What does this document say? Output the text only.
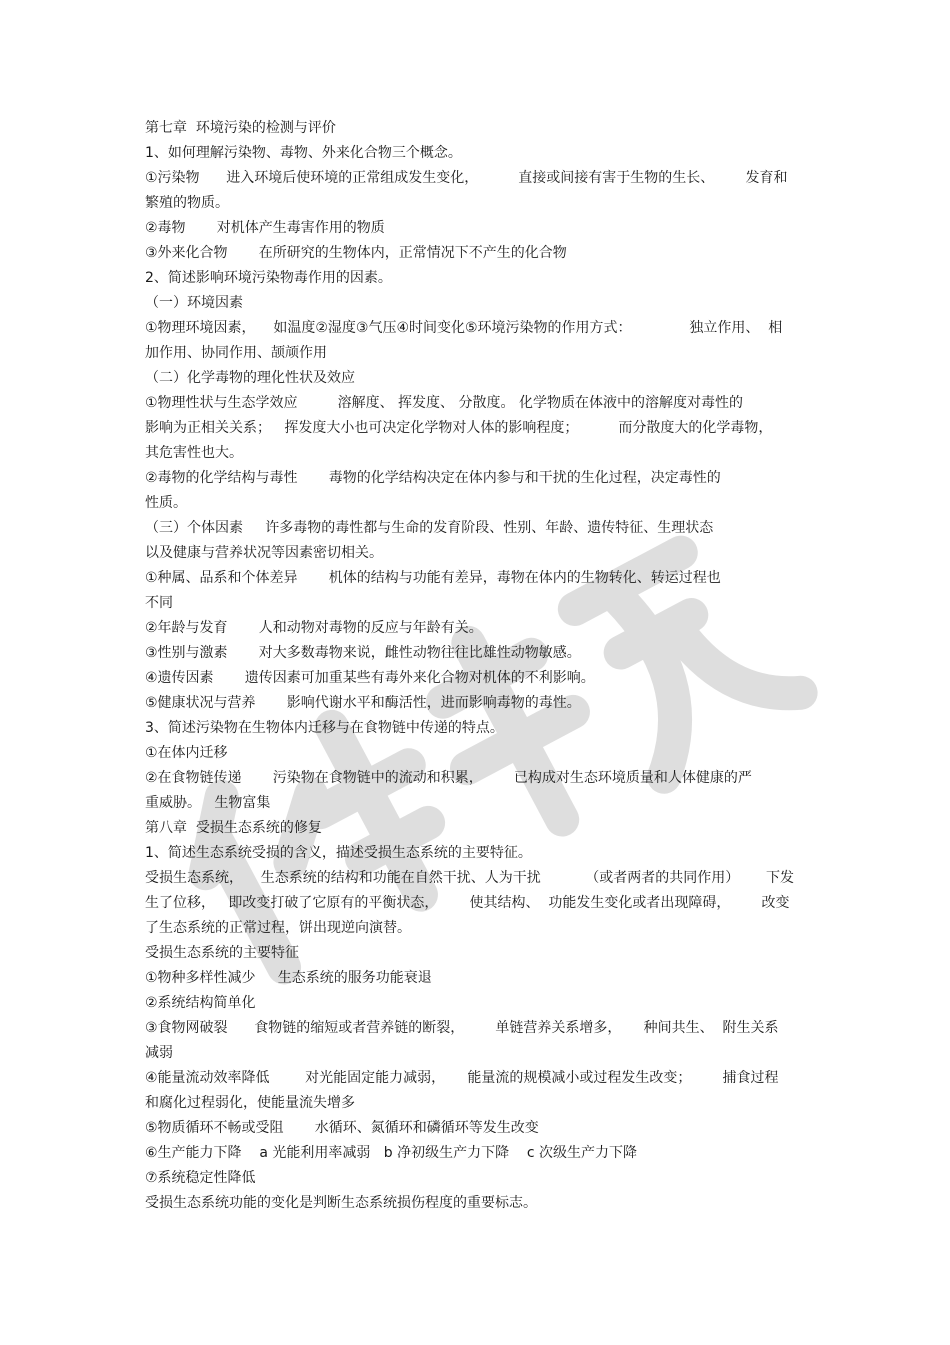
第七章  环境污染的检测与评价
1、如何理解污染物、毒物、外来化合物三个概念。
①污染物      进入环境后使环境的正常组成发生变化，         直接或间接有害于生物的生长、       发育和
繁殖的物质。
②毒物       对机体产生毒害作用的物质
③外来化合物       在所研究的生物体内，正常情况下不产生的化合物
2、简述影响环境污染物毒作用的因素。
（一）环境因素
①物理环境因素，    如温度②湿度③气压④时间变化⑤环境污染物的作用方式：             独立作用、  相
加作用、协同作用、颉颃作用
（二）化学毒物的理化性状及效应
①物理性状与生态学效应         溶解度、 挥发度、 分散度。 化学物质在体液中的溶解度对毒性的
影响为正相关关系；   挥发度大小也可决定化学物对人体的影响程度；         而分散度大的化学毒物，
其危害性也大。
②毒物的化学结构与毒性       毒物的化学结构决定在体内参与和干扰的生化过程，决定毒性的
性质。
（三）个体因素     许多毒物的毒性都与生命的发育阶段、性别、年龄、遗传特征、生理状态
以及健康与营养状况等因素密切相关。
①种属、品系和个体差异       机体的结构与功能有差异，毒物在体内的生物转化、转运过程也
不同
②年龄与发育       人和动物对毒物的反应与年龄有关。
③性别与激素       对大多数毒物来说，雌性动物往往比雄性动物敏感。
④遗传因素       遗传因素可加重某些有毒外来化合物对机体的不利影响。
⑤健康状况与营养       影响代谢水平和酶活性，进而影响毒物的毒性。
3、简述污染物在生物体内迁移与在食物链中传递的特点。
①在体内迁移
②在食物链传递       污染物在食物链中的流动和积累，       已构成对生态环境质量和人体健康的严
重威胁。   生物富集
第八章  受损生态系统的修复
1、简述生态系统受损的含义，描述受损生态系统的主要特征。
受损生态系统，    生态系统的结构和功能在自然干扰、人为干扰          （或者两者的共同作用）      下发
生了位移，   即改变打破了它原有的平衡状态，       使其结构、  功能发生变化或者出现障碍，       改变
了生态系统的正常过程，饼出现逆向演替。
受损生态系统的主要特征
①物种多样性减少     生态系统的服务功能衰退
②系统结构简单化
③食物网破裂      食物链的缩短或者营养链的断裂，       单链营养关系增多，     种间共生、  附生关系
减弱
④能量流动效率降低        对光能固定能力减弱，     能量流的规模减小或过程发生改变；       捕食过程
和腐化过程弱化，使能量流失增多
⑤物质循环不畅或受阻       水循环、氮循环和磷循环等发生改变
⑥生产能力下降    a 光能利用率减弱   b 净初级生产力下降    c 次级生产力下降
⑦系统稳定性降低
受损生态系统功能的变化是判断生态系统损伤程度的重要标志。
